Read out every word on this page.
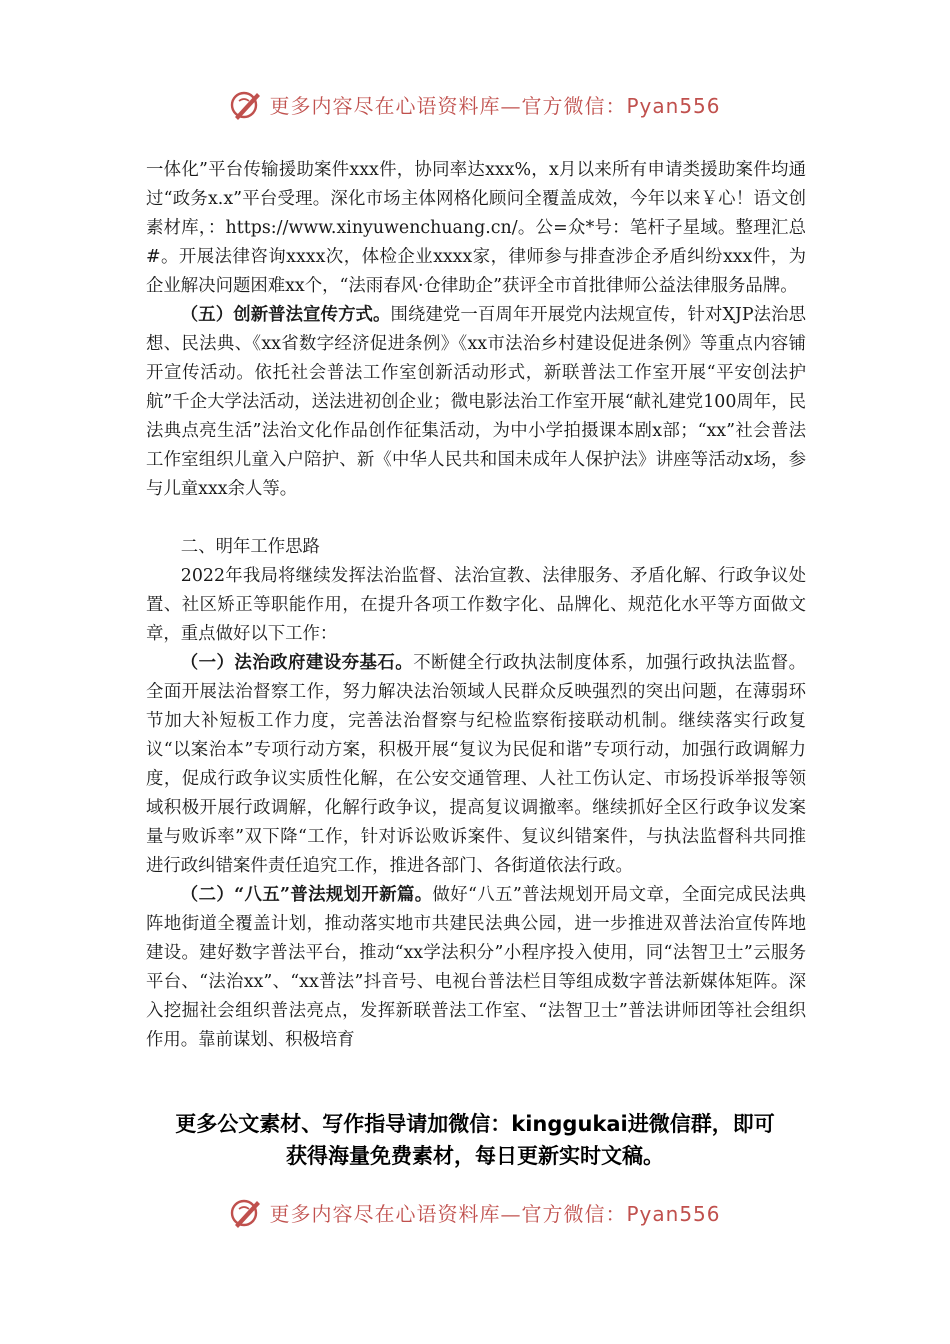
更多内容尽在心语资料库—官方微信：Pyan556

一体化”平台传输援助案件xxx件，协同率达xxx%，x月以来所有申请类援助案件均通过“政务x.x”平台受理。深化市场主体网格化顾问全覆盖成效，今年以来￥心！语文创素材库，：https://www.xinyuwenchuang.cn/。公=众*号：笔杆子星域。整理汇总#。开展法律咨询xxxx次，体检企业xxxx家，律师参与排查涉企矛盾纠纷xxx件，为企业解决问题困难xx个，“法雨春风·仓律助企”获评全市首批律师公益法律服务品牌。

（五）创新普法宣传方式。围绕建党一百周年开展党内法规宣传，针对XJP法治思想、民法典、《xx省数字经济促进条例》《xx市法治乡村建设促进条例》等重点内容铺开宣传活动。依托社会普法工作室创新活动形式，新联普法工作室开展“平安创法护航”千企大学法活动，送法进初创企业；微电影法治工作室开展“献礼建党100周年，民法典点亮生活”法治文化作品创作征集活动，为中小学拍摄课本剧x部；“xx”社会普法工作室组织儿童入户陪护、新《中华人民共和国未成年人保护法》讲座等活动x场，参与儿童xxx余人等。

二、明年工作思路

2022年我局将继续发挥法治监督、法治宣教、法律服务、矛盾化解、行政争议处置、社区矫正等职能作用，在提升各项工作数字化、品牌化、规范化水平等方面做文章，重点做好以下工作：

（一）法治政府建设夯基石。不断健全行政执法制度体系，加强行政执法监督。全面开展法治督察工作，努力解决法治领域人民群众反映强烈的突出问题，在薄弱环节加大补短板工作力度，完善法治督察与纪检监察衔接联动机制。继续落实行政复议“以案治本”专项行动方案，积极开展“复议为民促和谐”专项行动，加强行政调解力度，促成行政争议实质性化解，在公安交通管理、人社工伤认定、市场投诉举报等领域积极开展行政调解，化解行政争议，提高复议调撤率。继续抓好全区行政争议发案量与败诉率”双下降“工作，针对诉讼败诉案件、复议纠错案件，与执法监督科共同推进行政纠错案件责任追究工作，推进各部门、各街道依法行政。

（二）“八五”普法规划开新篇。做好“八五”普法规划开局文章，全面完成民法典阵地街道全覆盖计划，推动落实地市共建民法典公园，进一步推进双普法治宣传阵地建设。建好数字普法平台，推动“xx学法积分”小程序投入使用，同“法智卫士”云服务平台、“法治xx”、“xx普法”抖音号、电视台普法栏目等组成数字普法新媒体矩阵。深入挖掘社会组织普法亮点，发挥新联普法工作室、“法智卫士”普法讲师团等社会组织作用。靠前谋划、积极培育

更多公文素材、写作指导请加微信：kinggukai进微信群，即可

获得海量免费素材，每日更新实时文稿。

更多内容尽在心语资料库—官方微信：Pyan556
